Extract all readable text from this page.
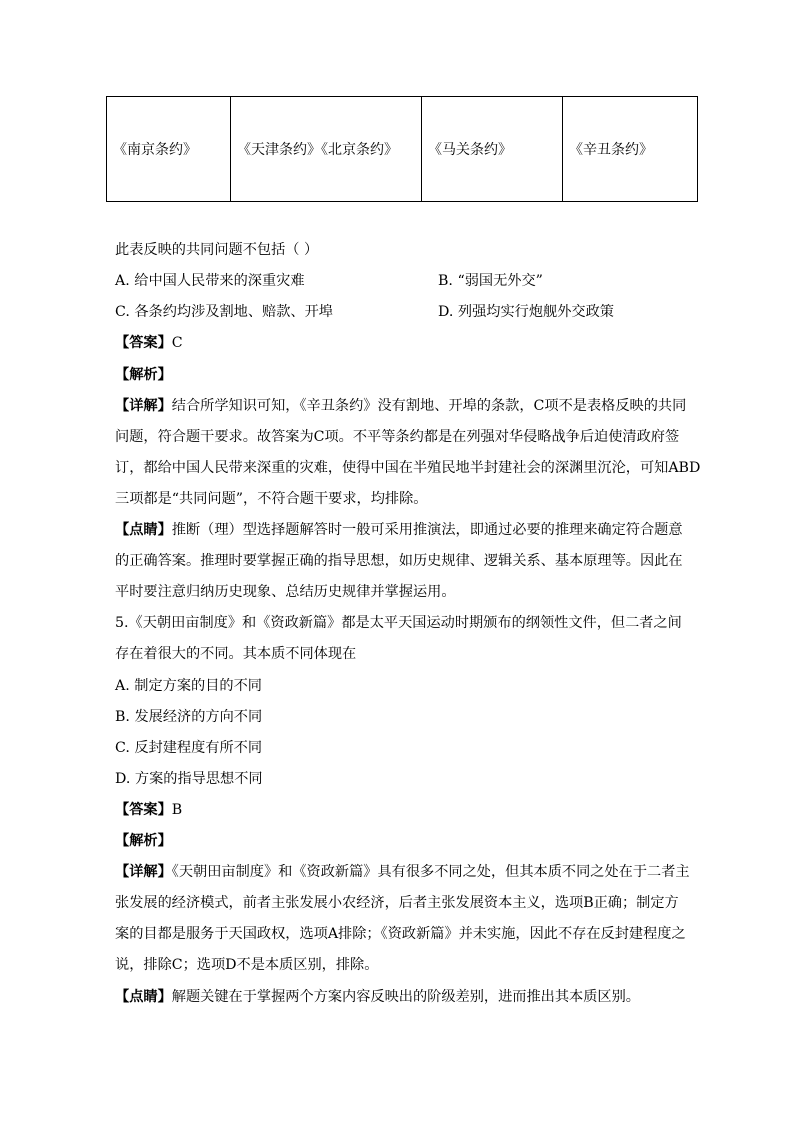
《南京条约》	《天津条约》《北京条约》	《马关条约》	《辛丑条约》
此表反映的共同问题不包括（ ）
A. 给中国人民带来的深重灾难	B. “弱国无外交”
C. 各条约均涉及割地、赔款、开埠	D. 列强均实行炮舰外交政策
【答案】C
【解析】
【详解】结合所学知识可知，《辛丑条约》没有割地、开埠的条款，C项不是表格反映的共同
问题，符合题干要求。故答案为C项。不平等条约都是在列强对华侵略战争后迫使清政府签
订，都给中国人民带来深重的灾难，使得中国在半殖民地半封建社会的深渊里沉沦，可知ABD
三项都是“共同问题”，不符合题干要求，均排除。
【点睛】推断（理）型选择题解答时一般可采用推演法，即通过必要的推理来确定符合题意
的正确答案。推理时要掌握正确的指导思想，如历史规律、逻辑关系、基本原理等。因此在
平时要注意归纳历史现象、总结历史规律并掌握运用。
5.《天朝田亩制度》和《资政新篇》都是太平天国运动时期颁布的纲领性文件，但二者之间
存在着很大的不同。其本质不同体现在
A. 制定方案的目的不同
B. 发展经济的方向不同
C. 反封建程度有所不同
D. 方案的指导思想不同
【答案】B
【解析】
【详解】《天朝田亩制度》和《资政新篇》具有很多不同之处，但其本质不同之处在于二者主
张发展的经济模式，前者主张发展小农经济，后者主张发展资本主义，选项B正确；制定方
案的目都是服务于天国政权，选项A排除；《资政新篇》并未实施，因此不存在反封建程度之
说，排除C；选项D不是本质区别，排除。
【点睛】解题关键在于掌握两个方案内容反映出的阶级差别，进而推出其本质区别。
